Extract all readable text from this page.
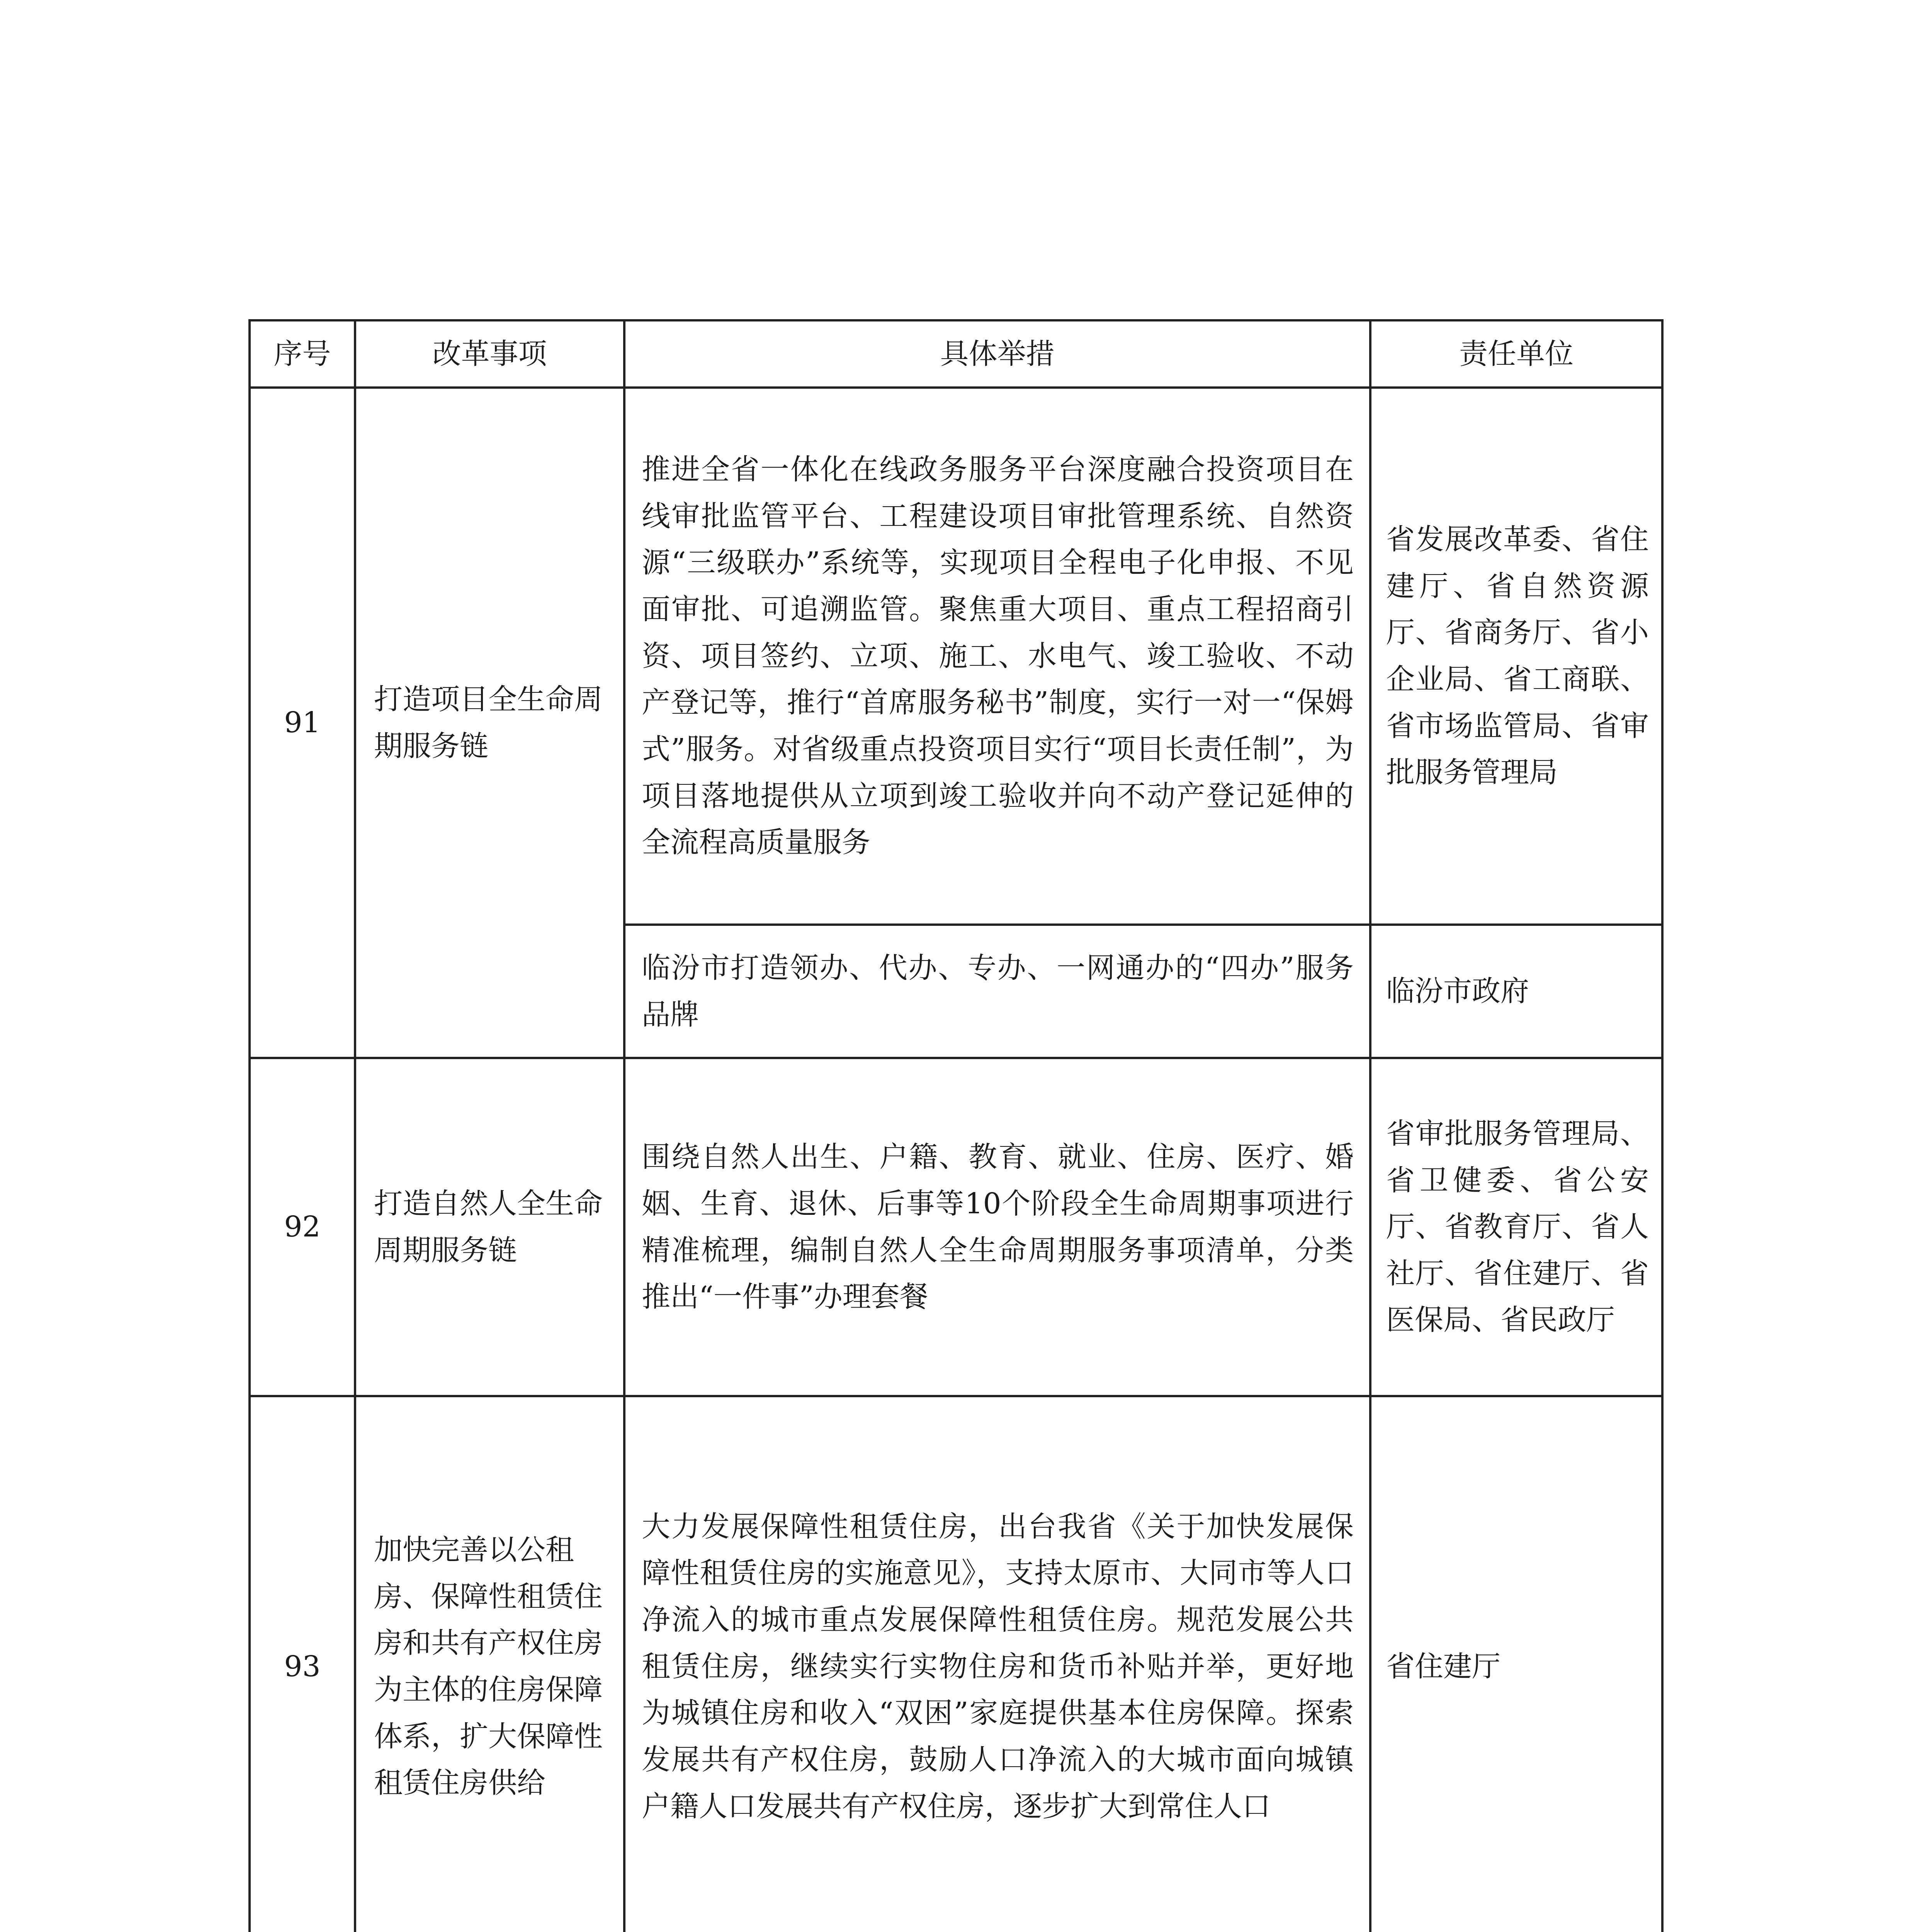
序号	改革事项	具体举措	责任单位
91	打造项目全生命周期服务链	推进全省一体化在线政务服务平台深度融合投资项目在线审批监管平台、工程建设项目审批管理系统、自然资源“三级联办”系统等，实现项目全程电子化申报、不见面审批、可追溯监管。聚焦重大项目、重点工程招商引资、项目签约、立项、施工、水电气、竣工验收、不动产登记等，推行“首席服务秘书”制度，实行一对一“保姆式”服务。对省级重点投资项目实行“项目长责任制”，为项目落地提供从立项到竣工验收并向不动产登记延伸的全流程高质量服务	省发展改革委、省住建厅、省自然资源厅、省商务厅、省小企业局、省工商联、省市场监管局、省审批服务管理局
		临汾市打造领办、代办、专办、一网通办的“四办”服务品牌	临汾市政府
92	打造自然人全生命周期服务链	围绕自然人出生、户籍、教育、就业、住房、医疗、婚姻、生育、退休、后事等10个阶段全生命周期事项进行精准梳理，编制自然人全生命周期服务事项清单，分类推出“一件事”办理套餐	省审批服务管理局、省卫健委、省公安厅、省教育厅、省人社厅、省住建厅、省医保局、省民政厅
93	加快完善以公租房、保障性租赁住房和共有产权住房为主体的住房保障体系，扩大保障性租赁住房供给	大力发展保障性租赁住房，出台我省《关于加快发展保障性租赁住房的实施意见》，支持太原市、大同市等人口净流入的城市重点发展保障性租赁住房。规范发展公共租赁住房，继续实行实物住房和货币补贴并举，更好地为城镇住房和收入“双困”家庭提供基本住房保障。探索发展共有产权住房，鼓励人口净流入的大城市面向城镇户籍人口发展共有产权住房，逐步扩大到常住人口	省住建厅
